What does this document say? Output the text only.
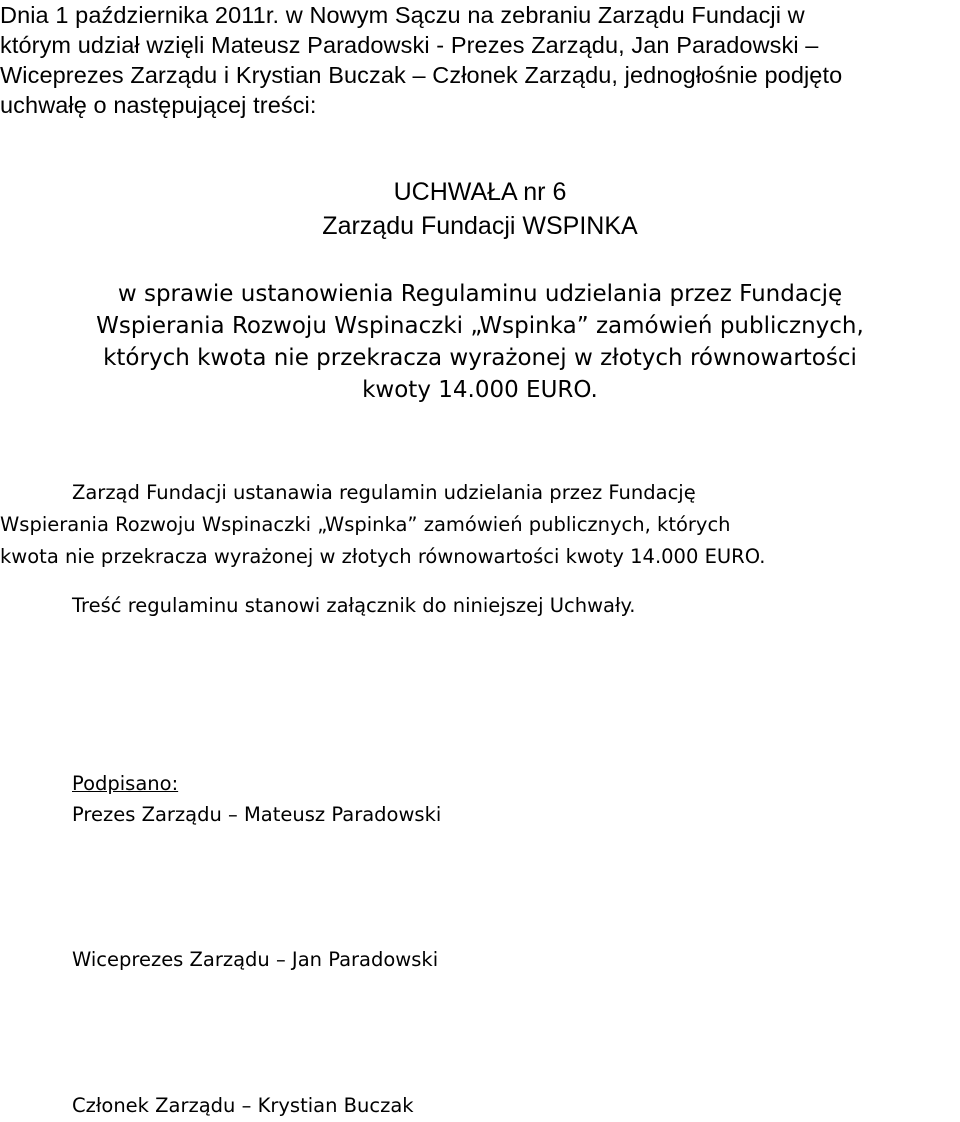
Dnia 1 października 2011r. w Nowym Sączu na zebraniu Zarządu Fundacji w
którym udział wzięli Mateusz Paradowski - Prezes Zarządu, Jan Paradowski –
Wiceprezes Zarządu i Krystian Buczak – Członek Zarządu, jednogłośnie podjęto
uchwałę o następującej treści:

UCHWAŁA nr 6
Zarządu Fundacji WSPINKA
w sprawie ustanowienia Regulaminu udzielania przez Fundację
Wspierania Rozwoju Wspinaczki „Wspinka” zamówień publicznych,
których kwota nie przekracza wyrażonej w złotych równowartości
kwoty 14.000 EURO.
Zarząd Fundacji ustanawia regulamin udzielania przez Fundację
Wspierania Rozwoju Wspinaczki „Wspinka” zamówień publicznych, których
kwota nie przekracza wyrażonej w złotych równowartości kwoty 14.000 EURO.

Treść regulaminu stanowi załącznik do niniejszej Uchwały.

Podpisano:

Prezes Zarządu – Mateusz Paradowski

Wiceprezes Zarządu – Jan Paradowski

Członek Zarządu – Krystian Buczak
